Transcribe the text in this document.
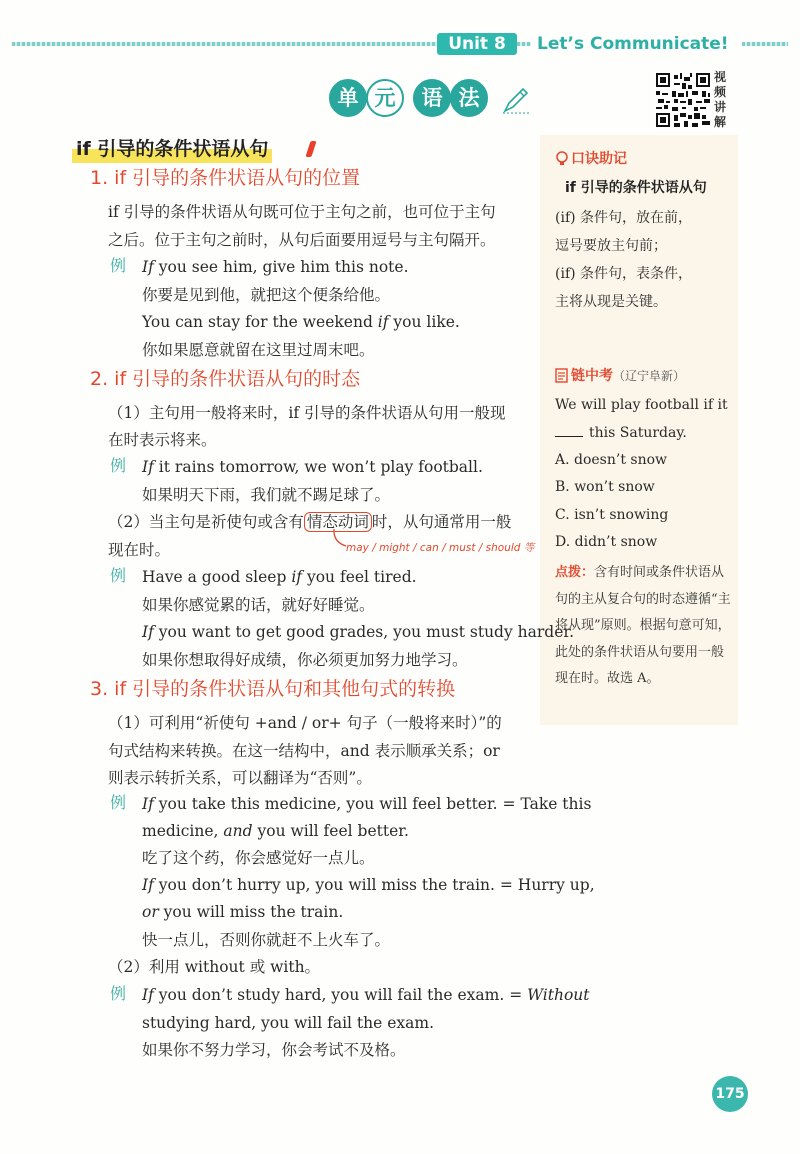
Unit 8	Let’s Communicate!
单 元	语 法
视频讲解
if 引导的条件状语从句
1. if 引导的条件状语从句的位置
if 引导的条件状语从句既可位于主句之前，也可位于主句
之后。位于主句之前时，从句后面要用逗号与主句隔开。
例 If you see him, give him this note.
你要是见到他，就把这个便条给他。
You can stay for the weekend if you like.
你如果愿意就留在这里过周末吧。
2. if 引导的条件状语从句的时态
（1）主句用一般将来时，if 引导的条件状语从句用一般现
在时表示将来。
例 If it rains tomorrow, we won’t play football.
如果明天下雨，我们就不踢足球了。
（2）当主句是祈使句或含有 情态动词 时，从句通常用一般
现在时。	may / might / can / must / should 等
例 Have a good sleep if you feel tired.
如果你感觉累的话，就好好睡觉。
If you want to get good grades, you must study harder.
如果你想取得好成绩，你必须更加努力地学习。
3. if 引导的条件状语从句和其他句式的转换
（1）可利用“祈使句 +and / or+ 句子（一般将来时）”的
句式结构来转换。在这一结构中，and 表示顺承关系；or
则表示转折关系，可以翻译为“否则”。
例 If you take this medicine, you will feel better. = Take this
medicine, and you will feel better.
吃了这个药，你会感觉好一点儿。
If you don’t hurry up, you will miss the train. = Hurry up,
or you will miss the train.
快一点儿，否则你就赶不上火车了。
（2）利用 without 或 with。
例 If you don’t study hard, you will fail the exam. = Without
studying hard, you will fail the exam.
如果你不努力学习，你会考试不及格。
口诀助记
if 引导的条件状语从句
(if) 条件句，放在前，
逗号要放主句前；
(if) 条件句，表条件，
主将从现是关键。
链中考（辽宁阜新）
We will play football if it
this Saturday.
A. doesn’t snow
B. won’t snow
C. isn’t snowing
D. didn’t snow
点拨：含有时间或条件状语从句的主从复合句的时态遵循“主将从现”原则。根据句意可知，此处的条件状语从句要用一般现在时。故选 A。
175
